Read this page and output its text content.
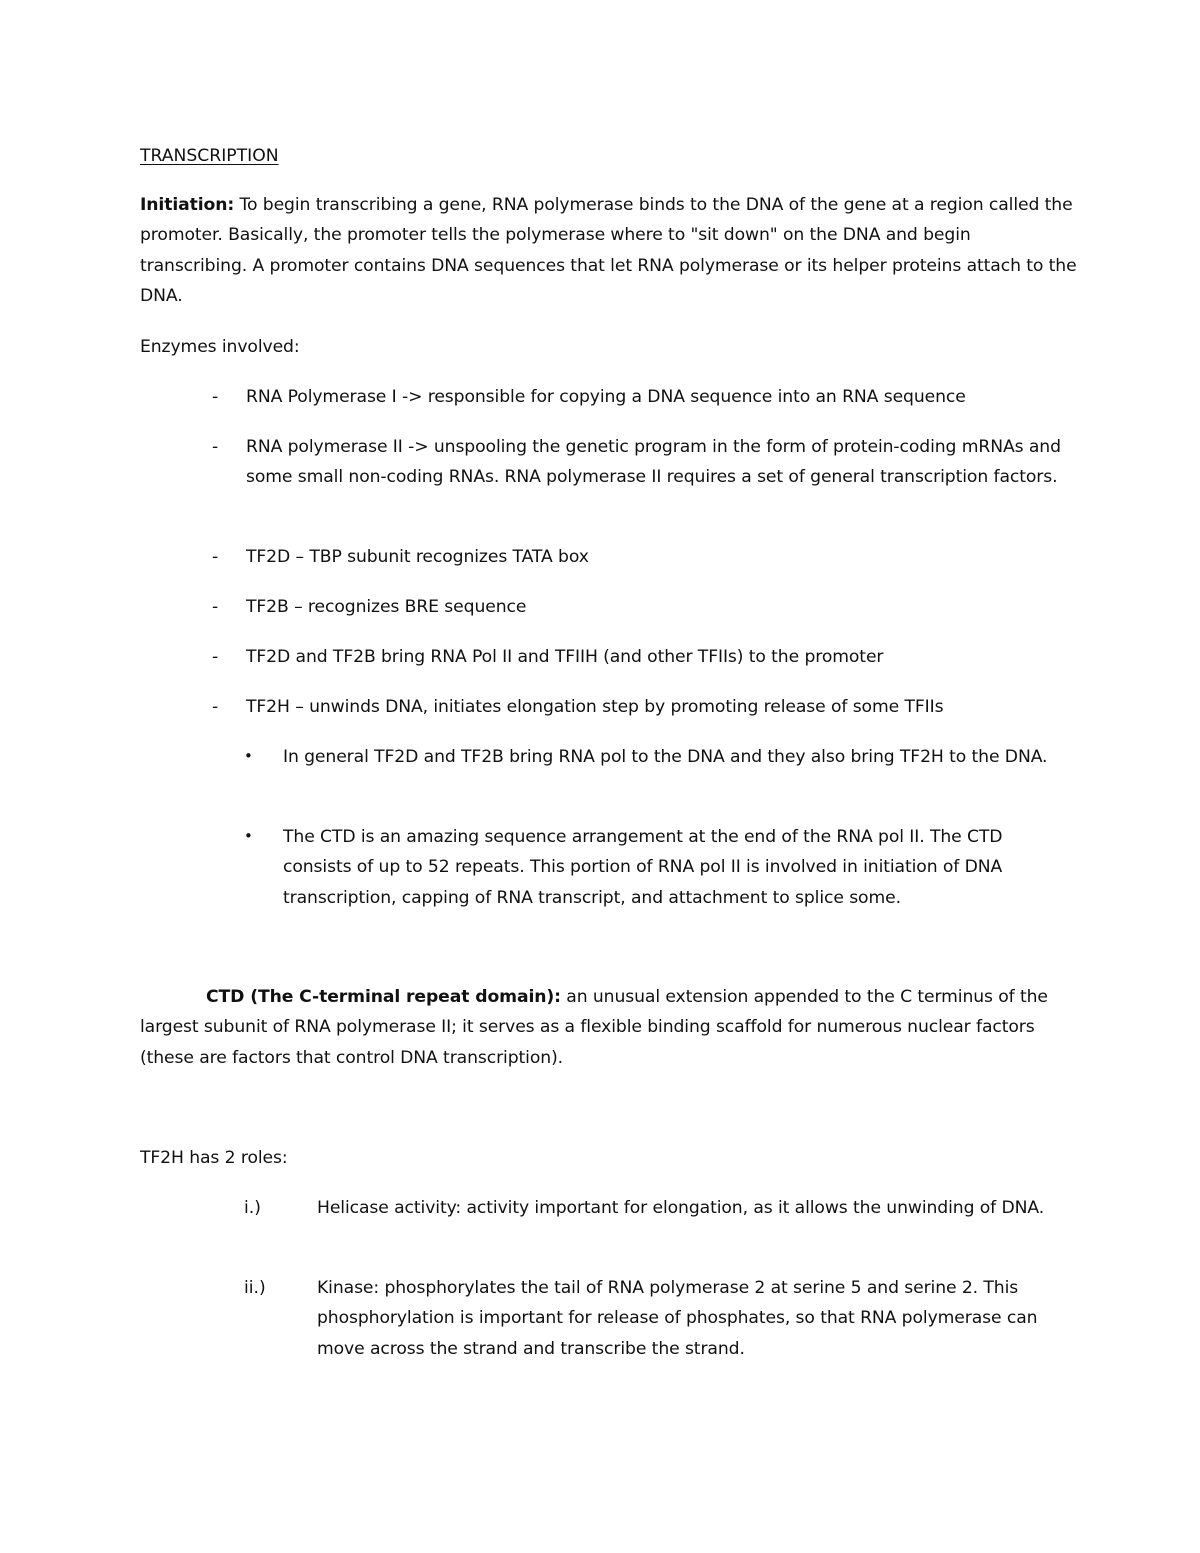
TRANSCRIPTION
Initiation: To begin transcribing a gene, RNA polymerase binds to the DNA of the gene at a region called the promoter. Basically, the promoter tells the polymerase where to "sit down" on the DNA and begin transcribing. A promoter contains DNA sequences that let RNA polymerase or its helper proteins attach to the DNA.
Enzymes involved:
- RNA Polymerase I -> responsible for copying a DNA sequence into an RNA sequence
- RNA polymerase II -> unspooling the genetic program in the form of protein-coding mRNAs and some small non-coding RNAs. RNA polymerase II requires a set of general transcription factors.
- TF2D – TBP subunit recognizes TATA box
- TF2B – recognizes BRE sequence
- TF2D and TF2B bring RNA Pol II and TFIIH (and other TFIIs) to the promoter
- TF2H – unwinds DNA, initiates elongation step by promoting release of some TFIIs
• In general TF2D and TF2B bring RNA pol to the DNA and they also bring TF2H to the DNA.
• The CTD is an amazing sequence arrangement at the end of the RNA pol II. The CTD consists of up to 52 repeats. This portion of RNA pol II is involved in initiation of DNA transcription, capping of RNA transcript, and attachment to splice some.
CTD (The C-terminal repeat domain): an unusual extension appended to the C terminus of the largest subunit of RNA polymerase II; it serves as a flexible binding scaffold for numerous nuclear factors (these are factors that control DNA transcription).
TF2H has 2 roles:
i.)	Helicase activity: activity important for elongation, as it allows the unwinding of DNA.
ii.)	Kinase: phosphorylates the tail of RNA polymerase 2 at serine 5 and serine 2. This phosphorylation is important for release of phosphates, so that RNA polymerase can move across the strand and transcribe the strand.
